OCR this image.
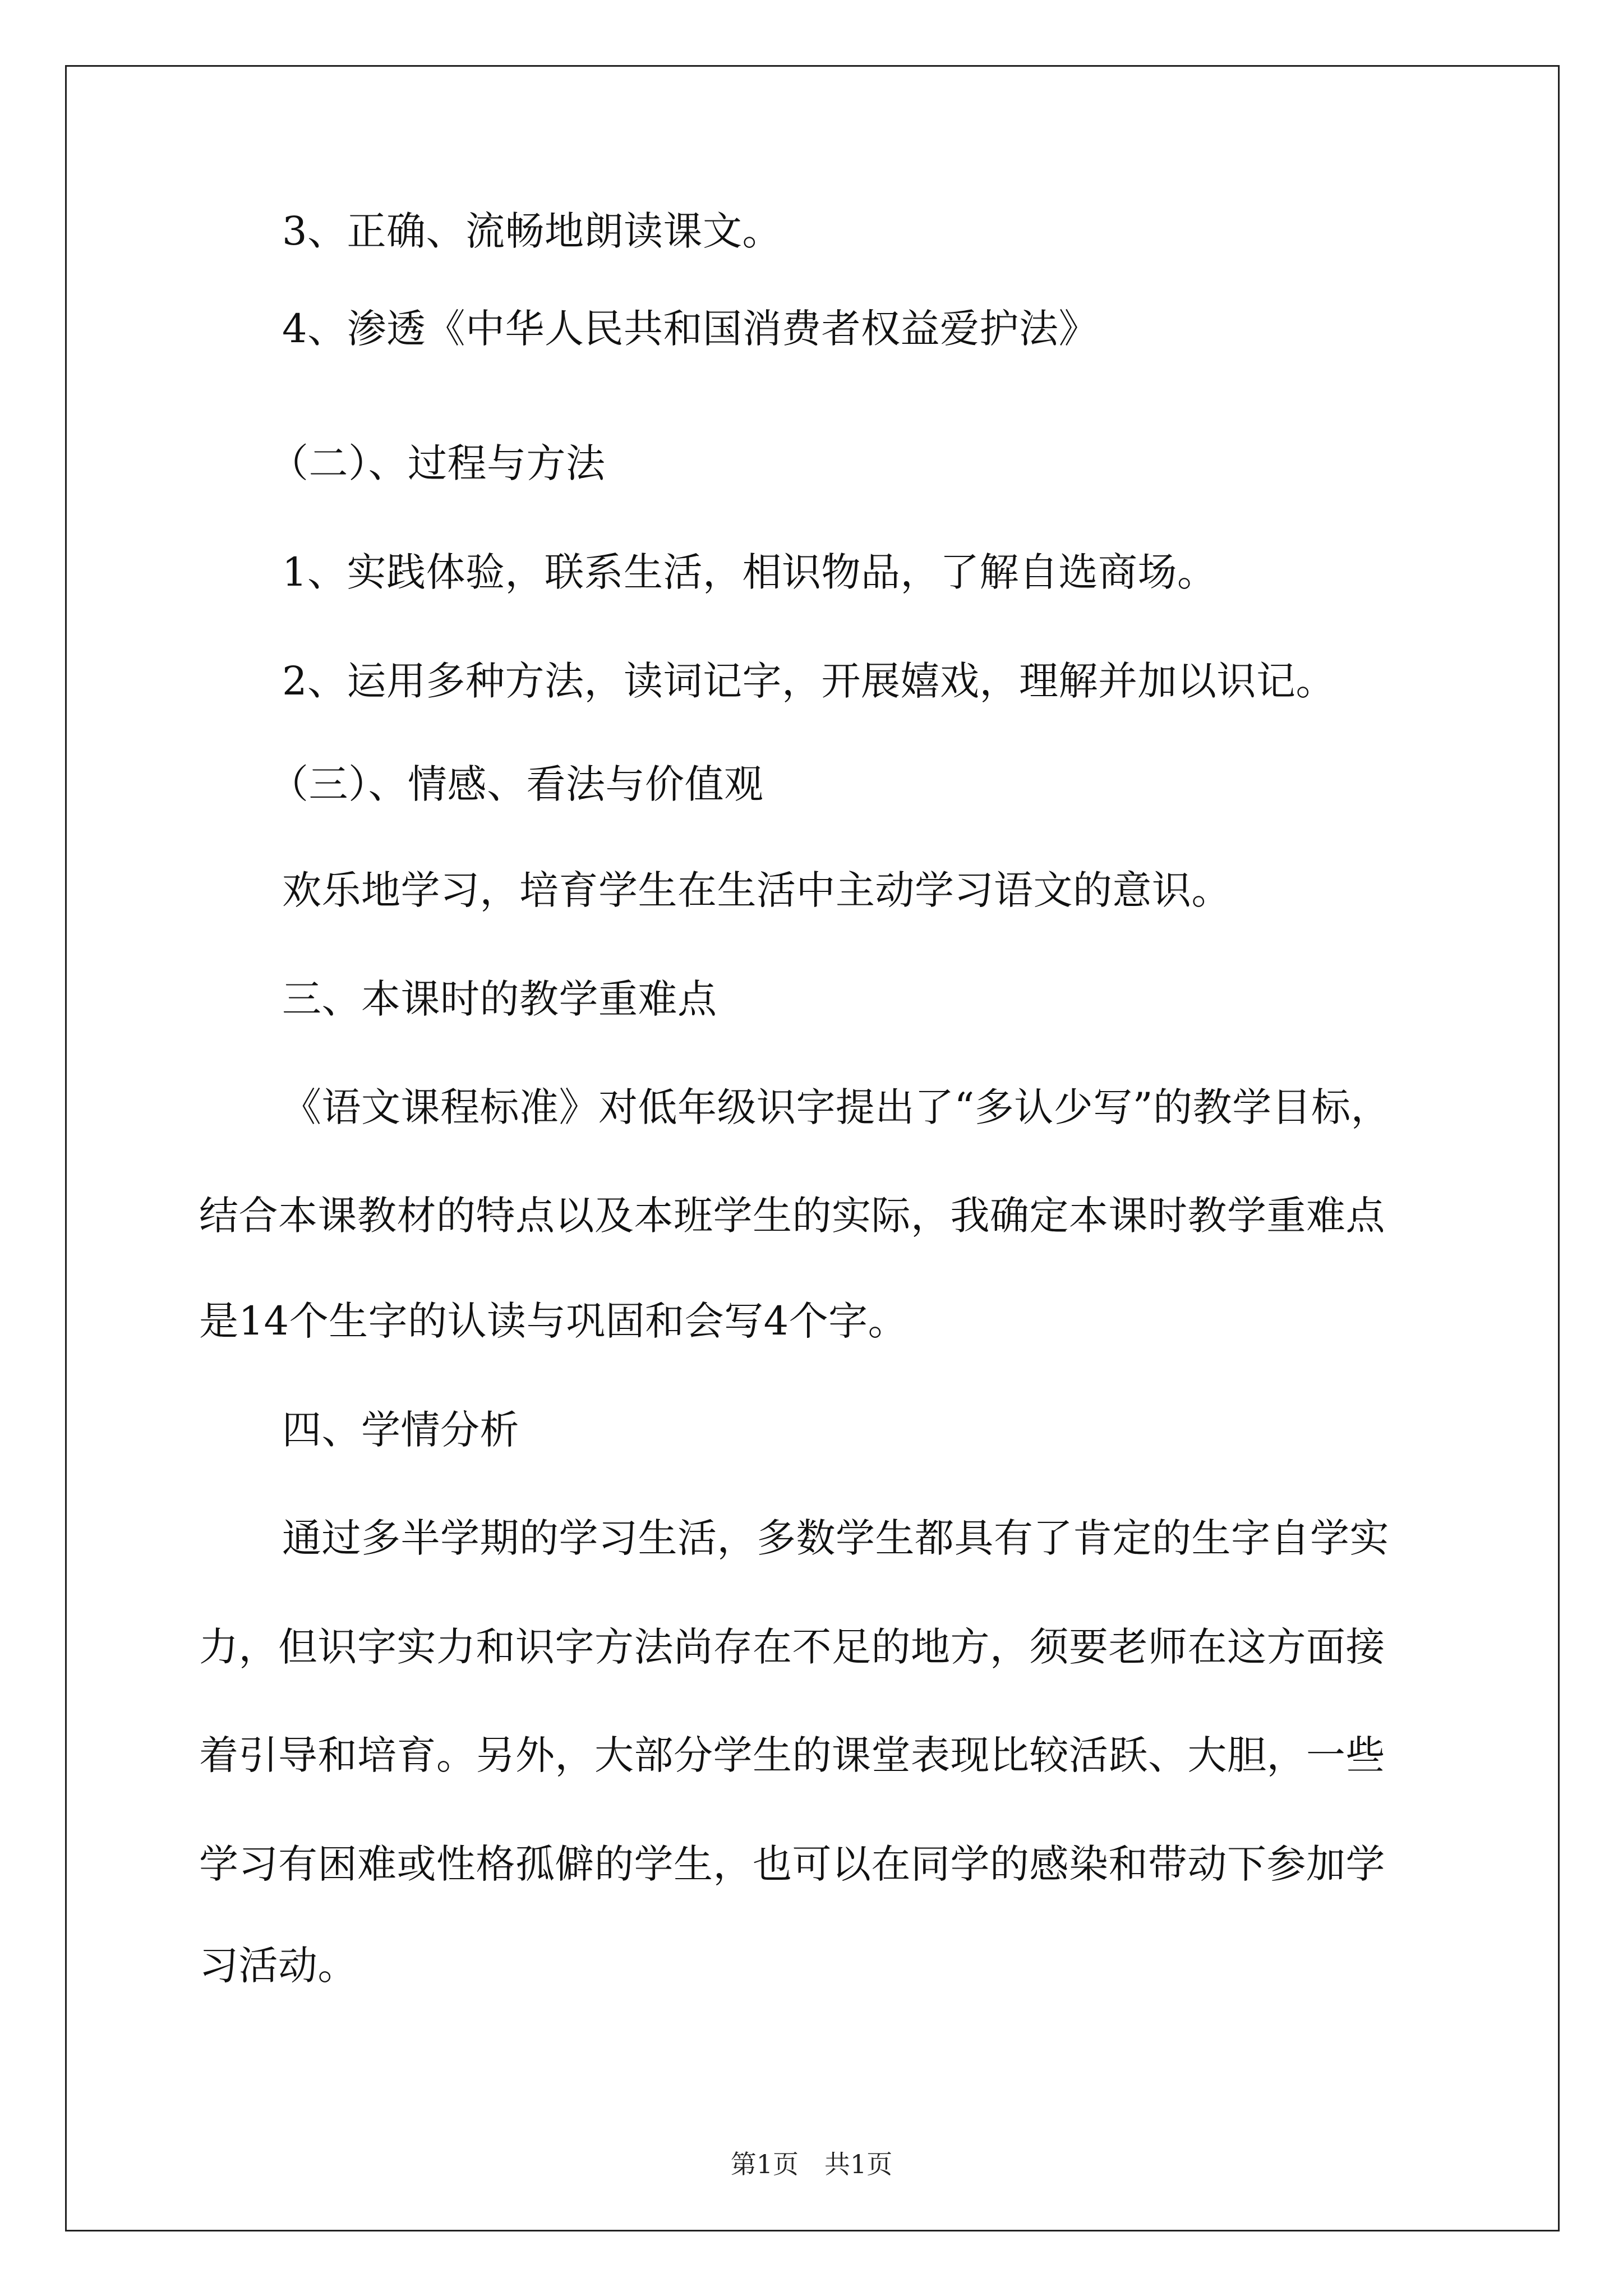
3、正确、流畅地朗读课文。

4、渗透《中华人民共和国消费者权益爱护法》

（二）、过程与方法

1、实践体验，联系生活，相识物品，了解自选商场。

2、运用多种方法，读词记字，开展嬉戏，理解并加以识记。

（三）、情感、看法与价值观

欢乐地学习，培育学生在生活中主动学习语文的意识。

三、本课时的教学重难点

《语文课程标准》对低年级识字提出了“多认少写”的教学目标，

结合本课教材的特点以及本班学生的实际，我确定本课时教学重难点

是14个生字的认读与巩固和会写4个字。

四、学情分析

通过多半学期的学习生活，多数学生都具有了肯定的生字自学实

力，但识字实力和识字方法尚存在不足的地方，须要老师在这方面接

着引导和培育。另外，大部分学生的课堂表现比较活跃、大胆，一些

学习有困难或性格孤僻的学生，也可以在同学的感染和带动下参加学

习活动。

第1页　共1页
